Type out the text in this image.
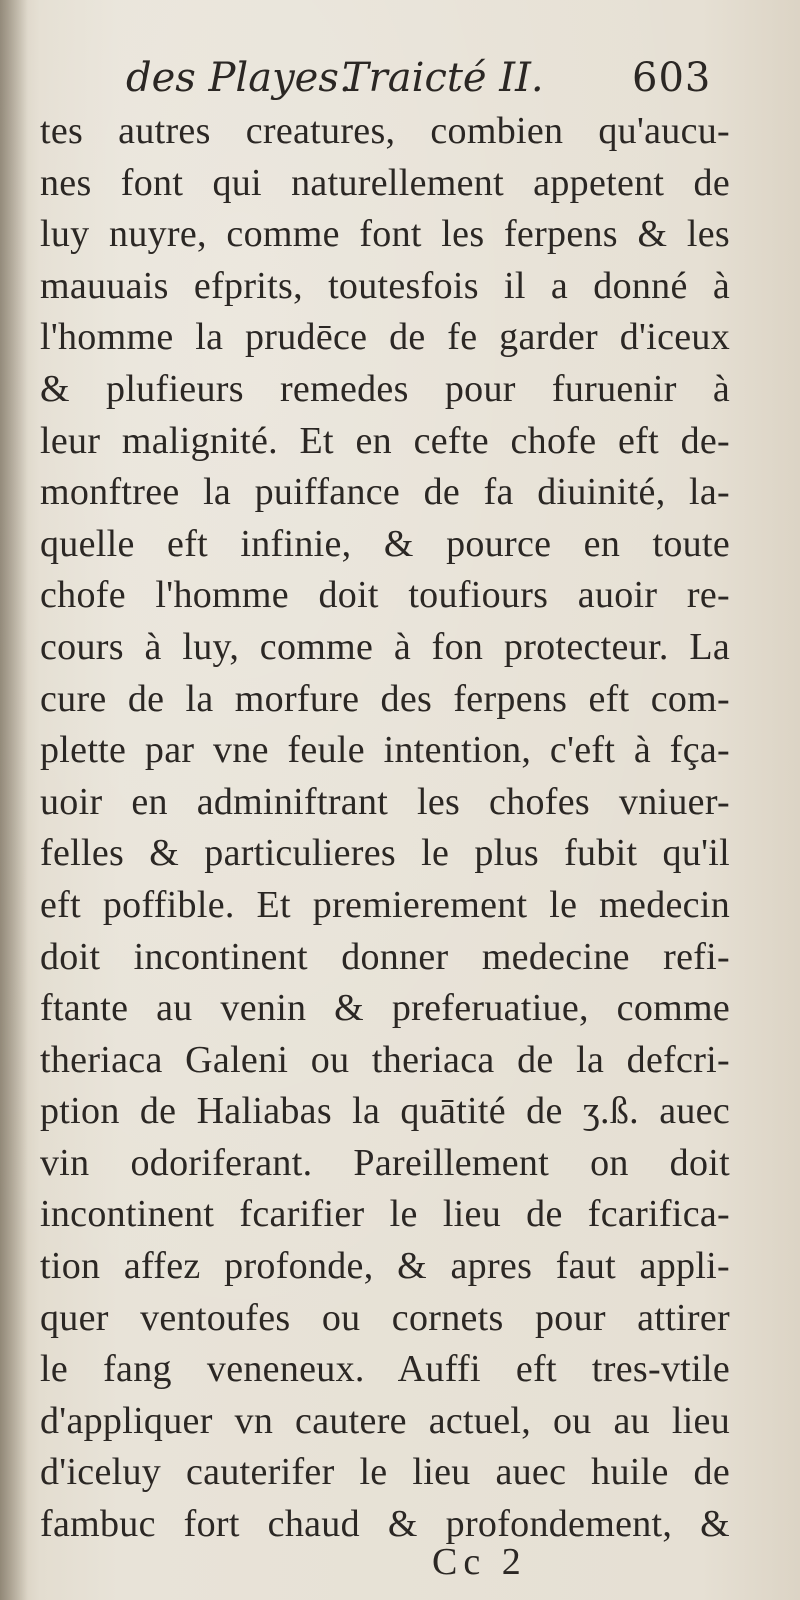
des Playes.
Traicté II. 603
tes autres creatures, combien qu'aucu-
nes font qui naturellement appetent de
luy nuyre, comme font les ferpens & les
mauuais efprits, toutesfois il a donné à
l'homme la prudēce de fe garder d'iceux
& plufieurs remedes pour furuenir à
leur malignité. Et en cefte chofe eft de-
monftree la puiffance de fa diuinité, la-
quelle eft infinie, & pource en toute
chofe l'homme doit toufiours auoir re-
cours à luy, comme à fon protecteur. La
cure de la morfure des ferpens eft com-
plette par vne feule intention, c'eft à fça-
uoir en adminiftrant les chofes vniuer-
felles & particulieres le plus fubit qu'il
eft poffible. Et premierement le medecin
doit incontinent donner medecine refi-
ftante au venin & preferuatiue, comme
theriaca Galeni ou theriaca de la defcri-
ption de Haliabas la quātité de ʒ.ß. auec
vin odoriferant. Pareillement on doit
incontinent fcarifier le lieu de fcarifica-
tion affez profonde, & apres faut appli-
quer ventoufes ou cornets pour attirer
le fang veneneux. Auffi eft tres-vtile
d'appliquer vn cautere actuel, ou au lieu
d'iceluy cauterifer le lieu auec huile de
fambuc fort chaud & profondement, &
Cc 2
